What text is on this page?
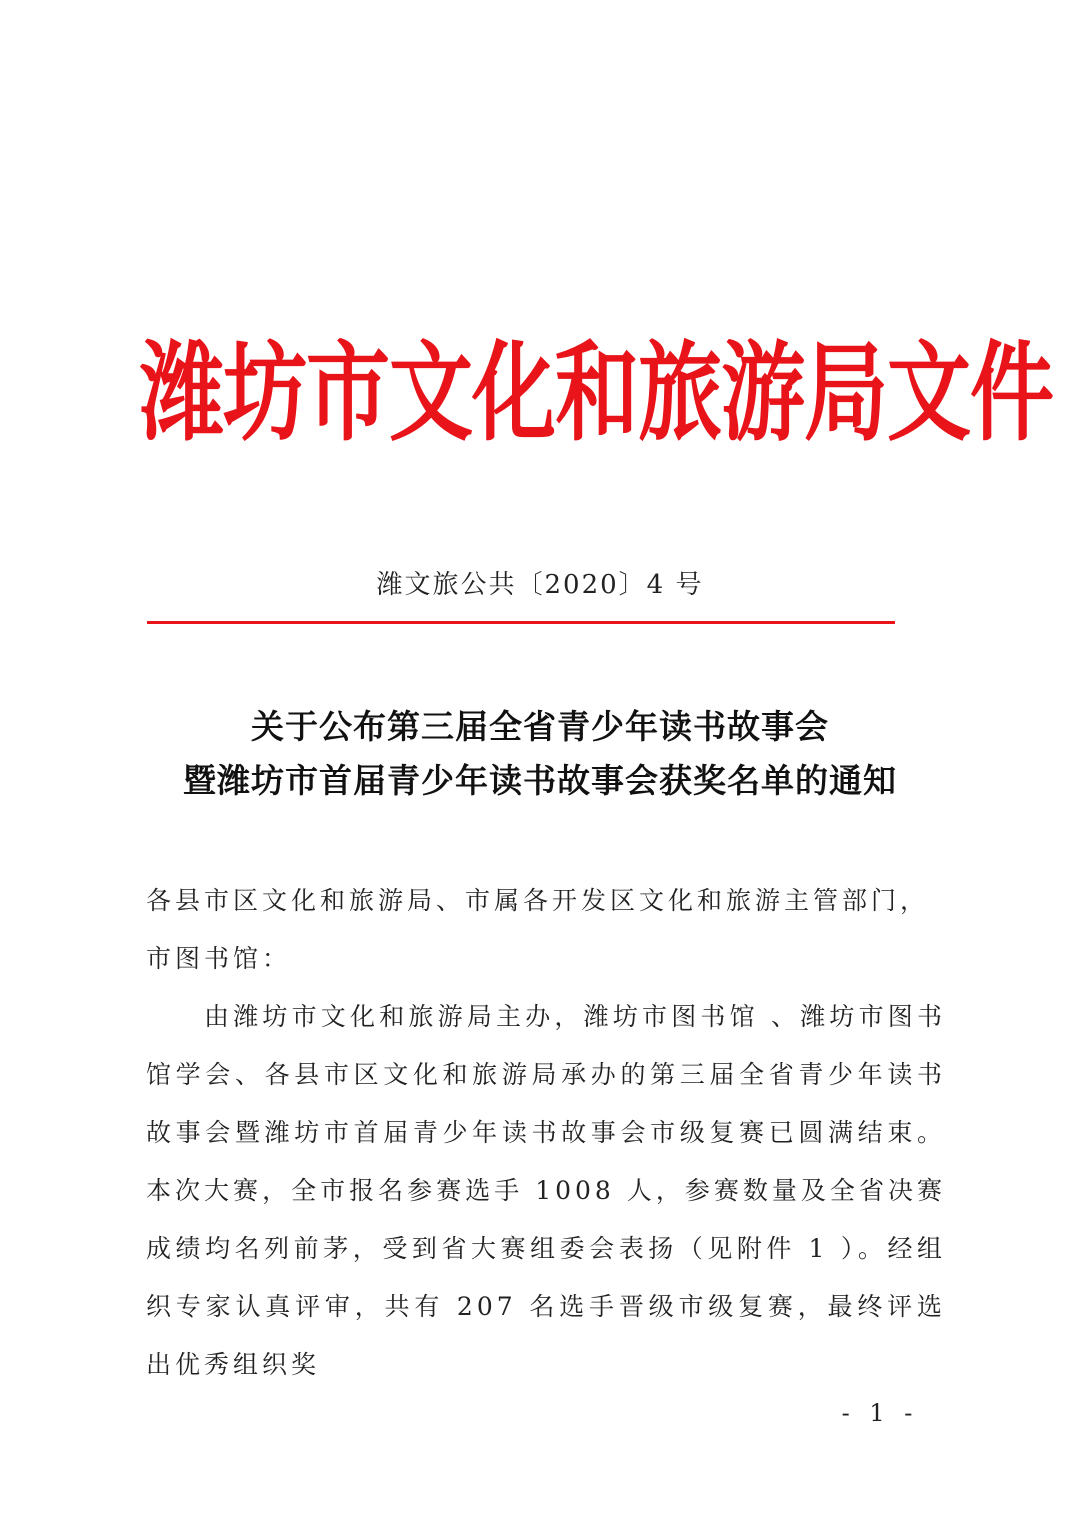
潍坊市文化和旅游局文件
潍文旅公共〔2020〕4 号
关于公布第三届全省青少年读书故事会
暨潍坊市首届青少年读书故事会获奖名单的通知

各县市区文化和旅游局、市属各开发区文化和旅游主管部门，市图书馆：

由潍坊市文化和旅游局主办，潍坊市图书馆 、潍坊市图书馆学会、各县市区文化和旅游局承办的第三届全省青少年读书故事会暨潍坊市首届青少年读书故事会市级复赛已圆满结束。本次大赛，全市报名参赛选手 1008 人，参赛数量及全省决赛成绩均名列前茅，受到省大赛组委会表扬（见附件 1 ）。经组织专家认真评审，共有 207 名选手晋级市级复赛，最终评选出优秀组织奖

- 1 -
